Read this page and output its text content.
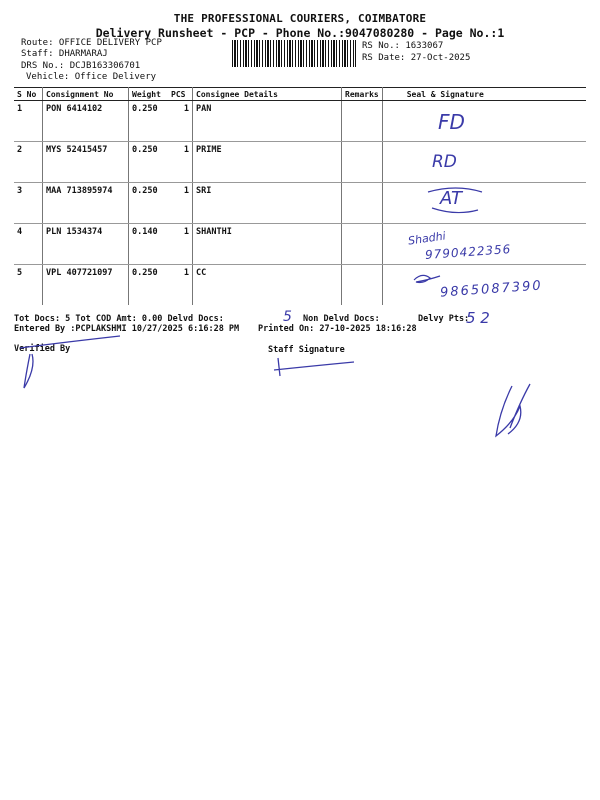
THE PROFESSIONAL COURIERS, COIMBATORE
Delivery Runsheet - PCP - Phone No.:9047080280 - Page No.:1
Route: OFFICE DELIVERY PCP
Staff: DHARMARAJ
DRS No.: DCJB163306701
Vehicle: Office Delivery
RS No.: 1633067
RS Date: 27-Oct-2025
S No	Consignment No	Weight	PCS	Consignee Details	Remarks	Seal & Signature
1	PON 6414102	0.250	1	PAN		
2	MYS 52415457	0.250	1	PRIME		
3	MAA 713895974	0.250	1	SRI		
4	PLN 1534374	0.140	1	SHANTHI		
5	VPL 407721097	0.250	1	CC		
FD
RD
AT
Shadhi
9790422356
9865087390
Tot Docs: 5 Tot COD Amt: 0.00 Delvd Docs:	5 Non Delvd Docs:	Delvy Pts:
5 2
Entered By :PCPLAKSHMI 10/27/2025 6:16:28 PM Printed On: 27-10-2025 18:16:28
Verified By	Staff Signature
